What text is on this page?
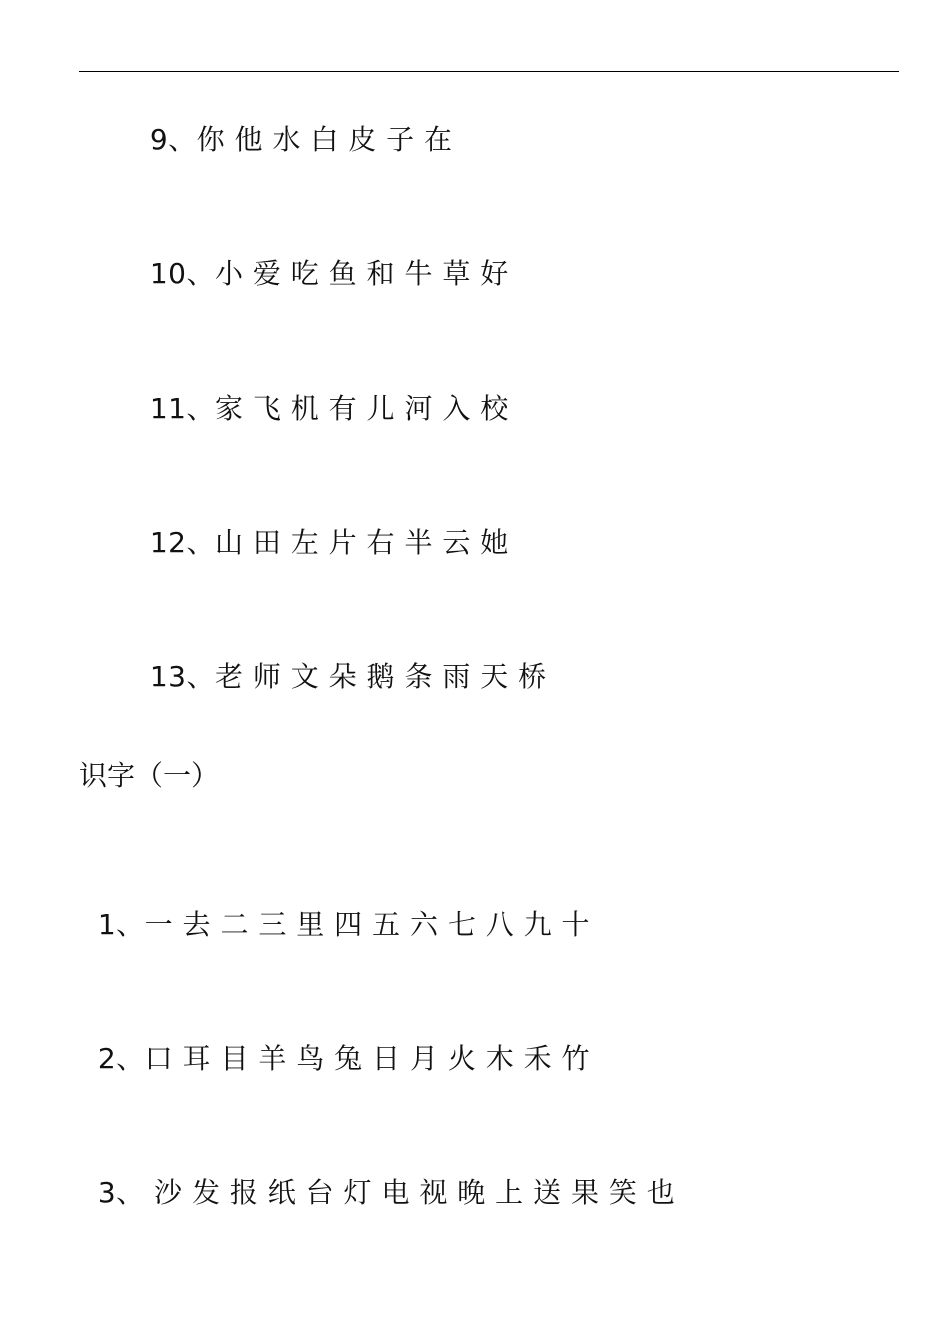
9、你 他 水 白 皮 子 在

10、小 爱 吃 鱼 和 牛 草 好

11、家 飞 机 有 儿 河 入 校

12、山 田 左 片 右 半 云 她

13、老 师 文 朵 鹅 条 雨 天 桥

识字（一）

1、一 去 二 三 里 四 五 六 七 八 九 十

2、口 耳 目 羊 鸟 兔 日 月 火 木 禾 竹

3、 沙 发 报 纸 台 灯 电 视 晚 上 送 果 笑 也
